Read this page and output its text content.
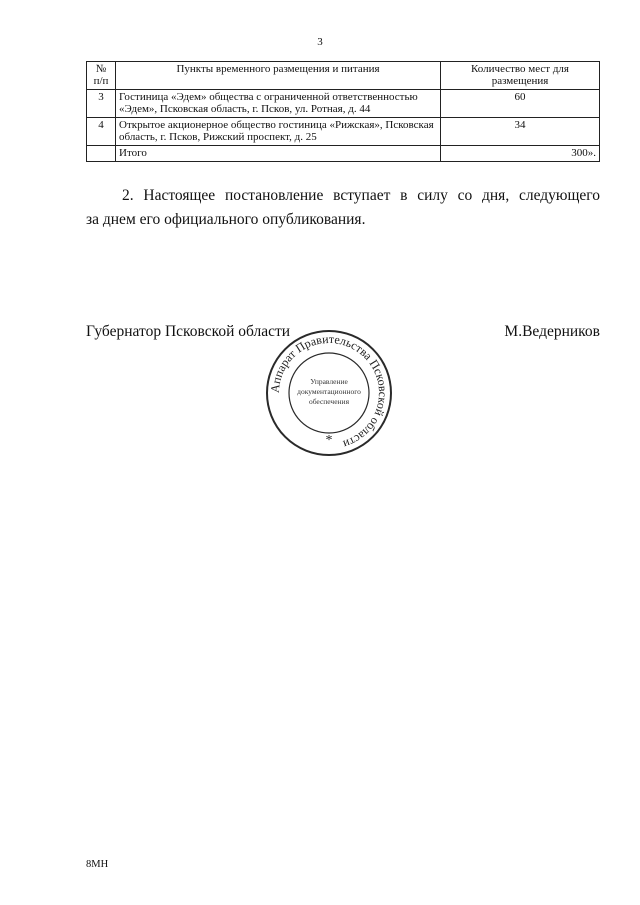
3
№ п/п	Пункты временного размещения и питания	Количество мест для размещения
3	Гостиница «Эдем» общества с ограниченной ответственностью «Эдем», Псковская область, г. Псков, ул. Ротная, д. 44	60
4	Открытое акционерное общество гостиница «Рижская», Псковская область, г. Псков, Рижский проспект, д. 25	34
	Итого	300».
2. Настоящее постановление вступает в силу со дня, следующего
за днем его официального опубликования.
Губернатор Псковской области	М.Ведерников
Аппарат Правительства Псковской области
Управление
документационного
обеспечения
*
8МН
